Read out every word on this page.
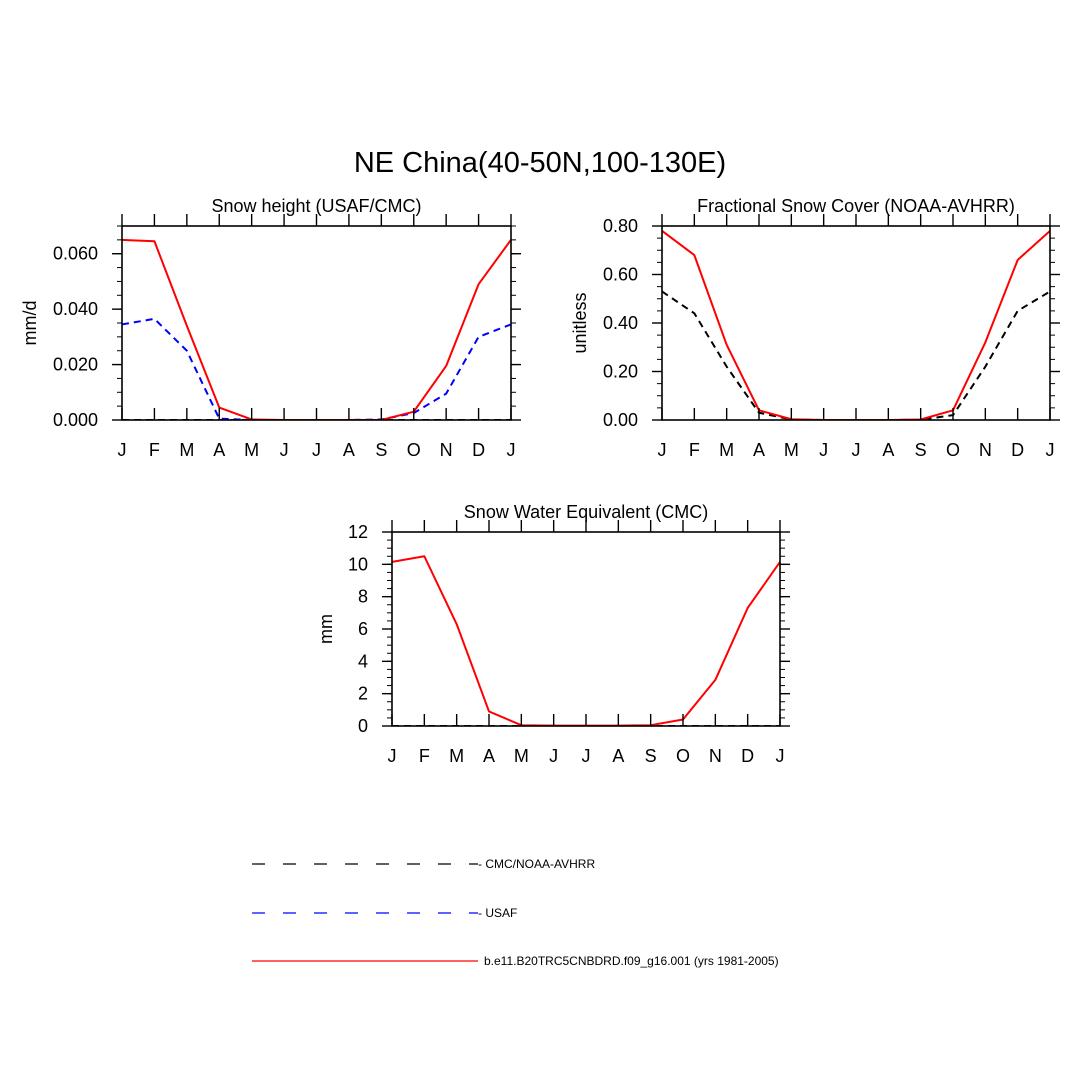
NE China(40-50N,100-130E)
Snow height (USAF/CMC)
mm/d
J F M A M J J A S O N D J
0.000
0.020
0.040
0.060
Fractional Snow Cover (NOAA-AVHRR)
unitless
J F M A M J J A S O N D J
0.00
0.20
0.40
0.60
0.80
Snow Water Equivalent (CMC)
mm
J F M A M J J A S O N D J
0
2
4
6
8
10
12
- CMC/NOAA-AVHRR
- USAF
b.e11.B20TRC5CNBDRD.f09_g16.001 (yrs 1981-2005)
